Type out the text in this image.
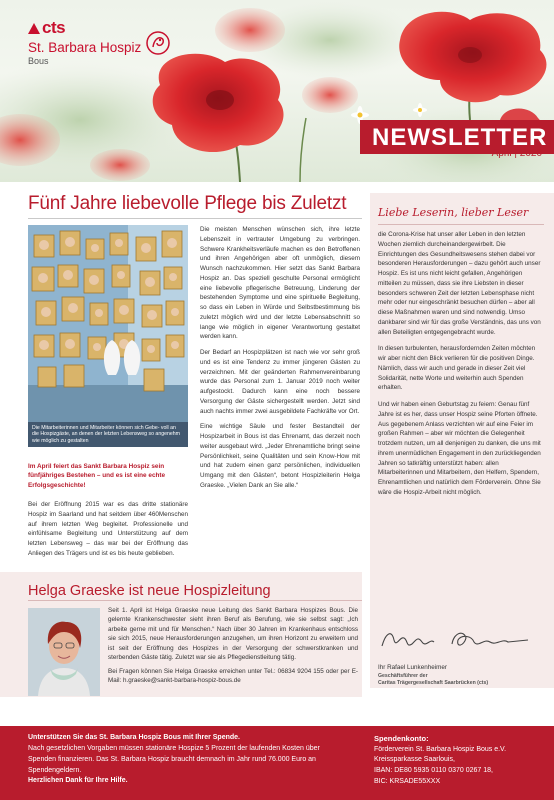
cts
St. Barbara Hospiz
Bous
NEWSLETTER
April | 2020
Fünf Jahre liebevolle Pflege bis Zuletzt
Die Mitarbeiterinnen und Mitarbeiter können sich Gebe- voll an die Hospizgäste, an denen der letzten Lebensweg so angenehm wie möglich zu gestalten
Im April feiert das Sankt Barbara Hospiz sein fünfjähriges Bestehen – und es ist eine echte Erfolgsgeschichte!
Bei der Eröffnung 2015 war es das dritte stationäre Hospiz im Saarland und hat seitdem über 460Menschen auf ihrem letzten Weg begleitet. Professionelle und einfühlsame Begleitung und Unterstützung auf dem letzten Lebensweg – das war bei der Eröffnung das Anliegen des Trägers und ist es bis heute geblieben.

Die meisten Menschen wünschen sich, ihre letzte Lebenszeit in vertrauter Umgebung zu verbringen. Schwere Krankheitsverläufe machen es den Betroffenen und ihren Angehörigen aber oft unmöglich, diesem Wunsch nachzukommen. Hier setzt das Sankt Barbara Hospiz an. Das speziell geschulte Personal ermöglicht eine liebevolle pflegerische Betreuung, Linderung der bestehenden Symptome und eine spirituelle Begleitung, so dass ein Leben in Würde und Selbstbestimmung bis zuletzt möglich wird und der letzte Lebensabschnitt so lange wie möglich in eigener Verantwortung gestaltet werden kann.

Der Bedarf an Hospizplätzen ist nach wie vor sehr groß und es ist eine Tendenz zu immer jüngeren Gästen zu verzeichnen. Mit der geänderten Rahmenvereinbarung wurde das Personal zum 1. Januar 2019 noch weiter aufgestockt. Dadurch kann eine noch bessere Versorgung der Gäste sichergestellt werden. Jetzt sind auch nachts immer zwei ausgebildete Fachkräfte vor Ort.

Eine wichtige Säule und fester Bestandteil der Hospizarbeit in Bous ist das Ehrenamt, das derzeit noch weiter ausgebaut wird. „Jeder Ehrenamtliche bringt seine Persönlichkeit, seine Qualitäten und sein Know-How mit und hat zudem einen ganz persönlichen, individuellen Umgang mit den Gästen“, betont Hospizleiterin Helga Graeske. „Vielen Dank an Sie alle.“

Liebe Leserin, lieber Leser

die Corona-Krise hat unser aller Leben in den letzten Wochen ziemlich durcheinandergewirbelt. Die Einrichtungen des Gesundheitswesens stehen dabei vor besonderen Herausforderungen – dazu gehört auch unser Hospiz. Es ist uns nicht leicht gefallen, Angehörigen mitteilen zu müssen, dass sie ihre Liebsten in dieser besonders schweren Zeit der letzten Lebensphase nicht mehr oder nur eingeschränkt besuchen dürfen – aber all diese Maßnahmen waren und sind notwendig. Umso dankbarer sind wir für das große Verständnis, das uns von allen Beteiligten entgegengebracht wurde.

In diesen turbulenten, herausfordernden Zeiten möchten wir aber nicht den Blick verlieren für die positiven Dinge. Nämlich, dass wir auch und gerade in dieser Zeit viel Solidarität, nette Worte und weiterhin auch Spenden erhalten.

Und wir haben einen Geburtstag zu feiern: Genau fünf Jahre ist es her, dass unser Hospiz seine Pforten öffnete. Aus gegebenem Anlass verzichten wir auf eine Feier im großen Rahmen – aber wir möchten die Gelegenheit trotzdem nutzen, um all denjenigen zu danken, die uns mit ihrem unermüdlichen Engagement in den zurückliegenden Jahren so tatkräftig unterstützt haben: allen Mitarbeiterinnen und Mitarbeitern, den Helfern, Spendern, Ehrenamtlichen und natürlich dem Förderverein. Ohne Sie wäre die Hospiz-Arbeit nicht möglich.

Ihr Rafael Lunkenheimer
Geschäftsführer der
Caritas Trägergesellschaft Saarbrücken (cts)
Helga Graeske ist neue Hospizleitung

Seit 1. April ist Helga Graeske neue Leitung des Sankt Barbara Hospizes Bous. Die gelernte Krankenschwester sieht ihren Beruf als Berufung, wie sie selbst sagt: „Ich arbeite gerne mit und für Menschen.“ Nach über 30 Jahren im Krankenhaus entschloss sie sich 2015, neue Herausforderungen anzugehen, um ihren Horizont zu erweitern und ist seit der Eröffnung des Hospizes in der Versorgung der schwerstkranken und sterbenden Gäste tätig. Zuletzt war sie als Pflegedienstleitung tätig.

Bei Fragen können Sie Helga Graeske erreichen unter Tel.: 06834 9204 155 oder per E-Mail: h.graeske@sankt-barbara-hospiz-bous.de

Unterstützen Sie das St. Barbara Hospiz Bous mit Ihrer Spende.
Nach gesetzlichen Vorgaben müssen stationäre Hospize 5 Prozent der laufenden Kosten über Spenden finanzieren. Das St. Barbara Hospiz braucht demnach im Jahr rund 76.000 Euro an Spendengeldern.
Herzlichen Dank für Ihre Hilfe.
Spendenkonto:
Förderverein St. Barbara Hospiz Bous e.V.
Kreissparkasse Saarlouis,
IBAN: DE80 5935 0110 0370 0267 18,
BIC: KRSADE55XXX
